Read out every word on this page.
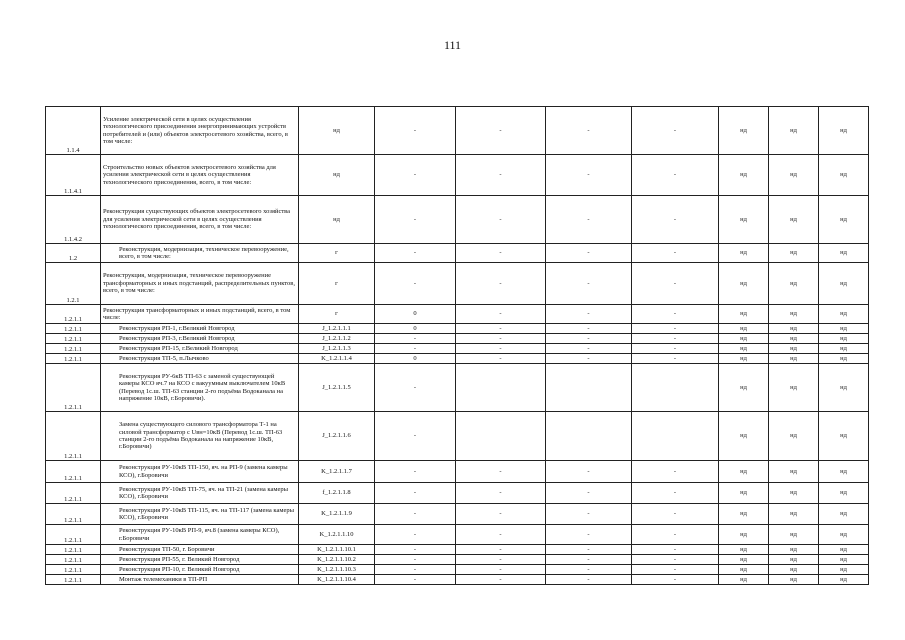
111
1.1.4	Усиление электрической сети в целях осуществления технологического присоединения энергопринимающих устройств потребителей и (или) объектов электросетевого хозяйства, всего, в том числе:	нд	-	-	-	-	нд	нд	нд
1.1.4.1	Строительство новых объектов электросетевого хозяйства для усиления электрической сети в целях осуществления технологического присоединения, всего, в том числе:	нд	-	-	-	-	нд	нд	нд
1.1.4.2	Реконструкция существующих объектов электросетевого хозяйства для усиления электрической сети в целях осуществления технологического присоединения, всего, в том числе:	нд	-	-	-	-	нд	нд	нд
1.2	Реконструкция, модернизация, техническое перевооружение, всего, в том числе:	г	-	-	-	-	нд	нд	нд
1.2.1	Реконструкция, модернизация, техническое перевооружение трансформаторных и иных подстанций, распределительных пунктов, всего, в том числе:	г	-	-	-	-	нд	нд	нд
1.2.1.1	Реконструкция трансформаторных и иных подстанций, всего, в том числе:	г	0	-	-	-	нд	нд	нд
1.2.1.1	Реконструкция РП-1, г.Великий Новгород	J_1.2.1.1.1	0	-	-	-	нд	нд	нд
1.2.1.1	Реконструкция РП-3, г.Великий Новгород	J_1.2.1.1.2	-	-	-	-	нд	нд	нд
1.2.1.1	Реконструкция РП-15, г.Великий Новгород	J_1.2.1.1.3	-	-	-	-	нд	нд	нд
1.2.1.1	Реконструкция ТП-5, п.Лычково	K_1.2.1.1.4	0	-	-	-	нд	нд	нд
1.2.1.1	Реконструкция РУ-6кВ ТП-63 с заменой существующей камеры КСО яч.7 на КСО с вакуумным выключателем 10кВ (Перевод 1с.ш. ТП-63 станции 2-го подъёма Водоканала на напряжение 10кВ, г.Боровичи).	J_1.2.1.1.5	-				нд	нд	нд
1.2.1.1	Замена существующего силового трансформатора Т-1 на силовой трансформатор с Uвн=10кВ (Перевод 1с.ш. ТП-63 станции 2-го подъёма Водоканала на напряжение 10кВ, г.Боровичи)	J_1.2.1.1.6	-				нд	нд	нд
1.2.1.1	Реконструкция РУ-10кВ ТП-150, яч. на РП-9 (замена камеры КСО), г.Боровичи	K_1.2.1.1.7	-	-	-	-	нд	нд	нд
1.2.1.1	Реконструкция РУ-10кВ ТП-75, яч. на ТП-21 (замена камеры КСО), г.Боровичи	f_1.2.1.1.8	-	-	-	-	нд	нд	нд
1.2.1.1	Реконструкция РУ-10кВ ТП-115, яч. на ТП-117 (замена камеры КСО), г.Боровичи	K_1.2.1.1.9	-	-	-	-	нд	нд	нд
1.2.1.1	Реконструкция РУ-10кВ РП-9, яч.8 (замена камеры КСО), г.Боровичи	K_1.2.1.1.10	-	-	-	-	нд	нд	нд
1.2.1.1	Реконструкция ТП-50, г. Боровичи	K_1.2.1.1.10.1	-	-	-	-	нд	нд	нд
1.2.1.1	Реконструкция РП-55, г. Великий Новгород	K_1.2.1.1.10.2	-	-	-	-	нд	нд	нд
1.2.1.1	Реконструкция РП-10, г. Великий Новгород	K_1.2.1.1.10.3	-	-	-	-	нд	нд	нд
1.2.1.1	Монтаж телемеханики в ТП-РП	K_1.2.1.1.10.4	-	-	-	-	нд	нд	нд
